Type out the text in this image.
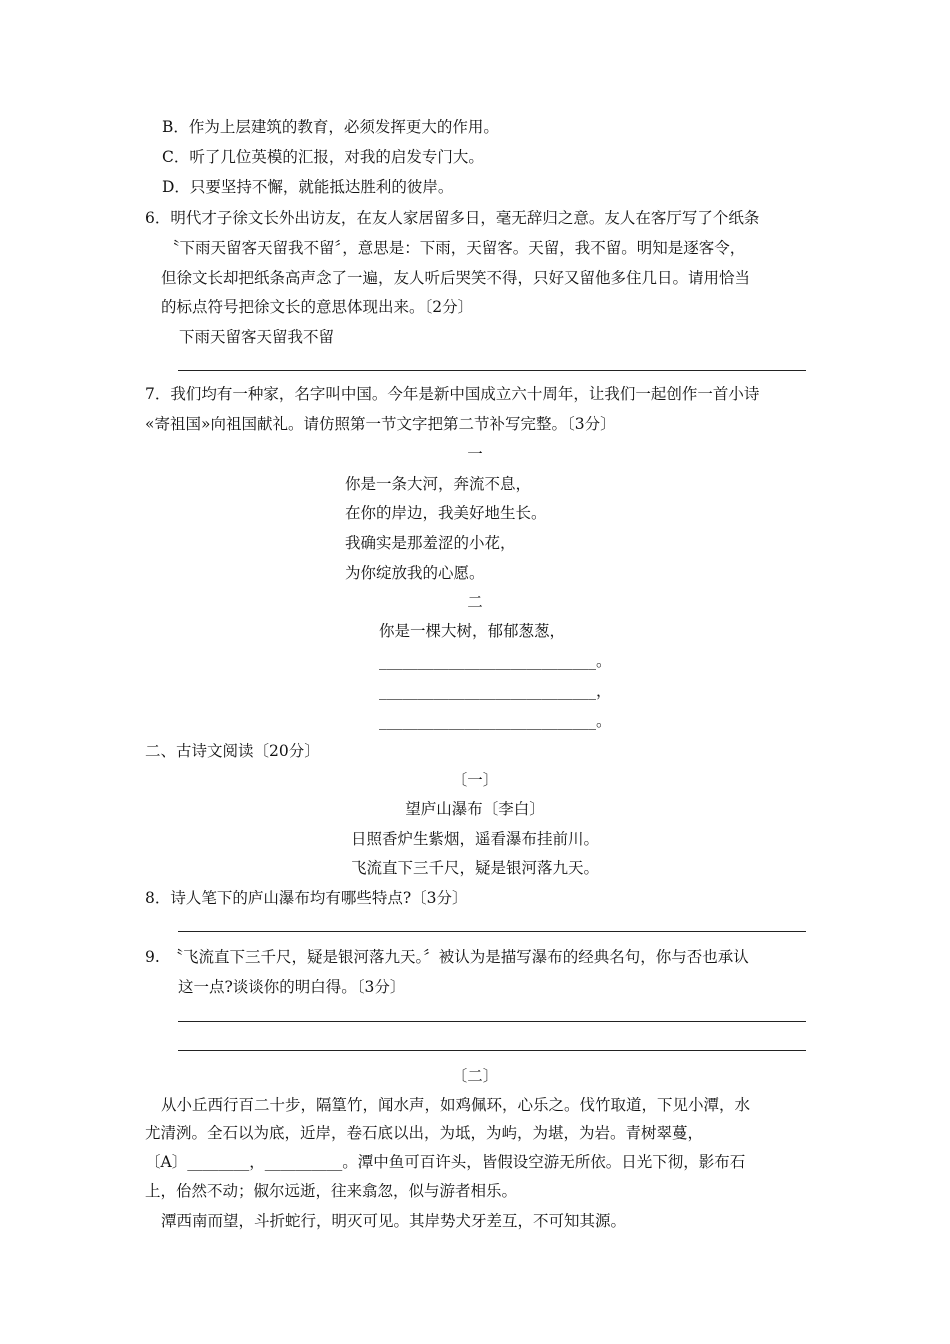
B．作为上层建筑的教育，必须发挥更大的作用。
C．听了几位英模的汇报，对我的启发专门大。
D．只要坚持不懈，就能抵达胜利的彼岸。
6．明代才子徐文长外出访友，在友人家居留多日，毫无辞归之意。友人在客厅写了个纸条
〝下雨天留客天留我不留〞，意思是：下雨，天留客。天留，我不留。明知是逐客令，
但徐文长却把纸条高声念了一遍，友人听后哭笑不得，只好又留他多住几日。请用恰当
的标点符号把徐文长的意思体现出来。〔2分〕
下雨天留客天留我不留
7．我们均有一种家，名字叫中国。今年是新中国成立六十周年，让我们一起创作一首小诗
«寄祖国»向祖国献礼。请仿照第一节文字把第二节补写完整。〔3分〕
一
你是一条大河，奔流不息，
在你的岸边，我美好地生长。
我确实是那羞涩的小花，
为你绽放我的心愿。
二
你是一棵大树，郁郁葱葱，
____________________________。
____________________________，
____________________________。
二、古诗文阅读〔20分〕
〔一〕
望庐山瀑布〔李白〕
日照香炉生紫烟，遥看瀑布挂前川。
飞流直下三千尺，疑是银河落九天。
8．诗人笔下的庐山瀑布均有哪些特点?〔3分〕
9.　〝飞流直下三千尺，疑是银河落九天。〞被认为是描写瀑布的经典名句，你与否也承认
这一点?谈谈你的明白得。〔3分〕
〔二〕
从小丘西行百二十步，隔篁竹，闻水声，如鸡佩环，心乐之。伐竹取道，下见小潭，水
尤清洌。全石以为底，近岸，卷石底以出，为坻，为屿，为堪，为岩。青树翠蔓，
〔A〕________，__________。潭中鱼可百许头，皆假设空游无所依。日光下彻，影布石
上，佁然不动；俶尔远逝，往来翕忽，似与游者相乐。
潭西南而望，斗折蛇行，明灭可见。其岸势犬牙差互，不可知其源。
